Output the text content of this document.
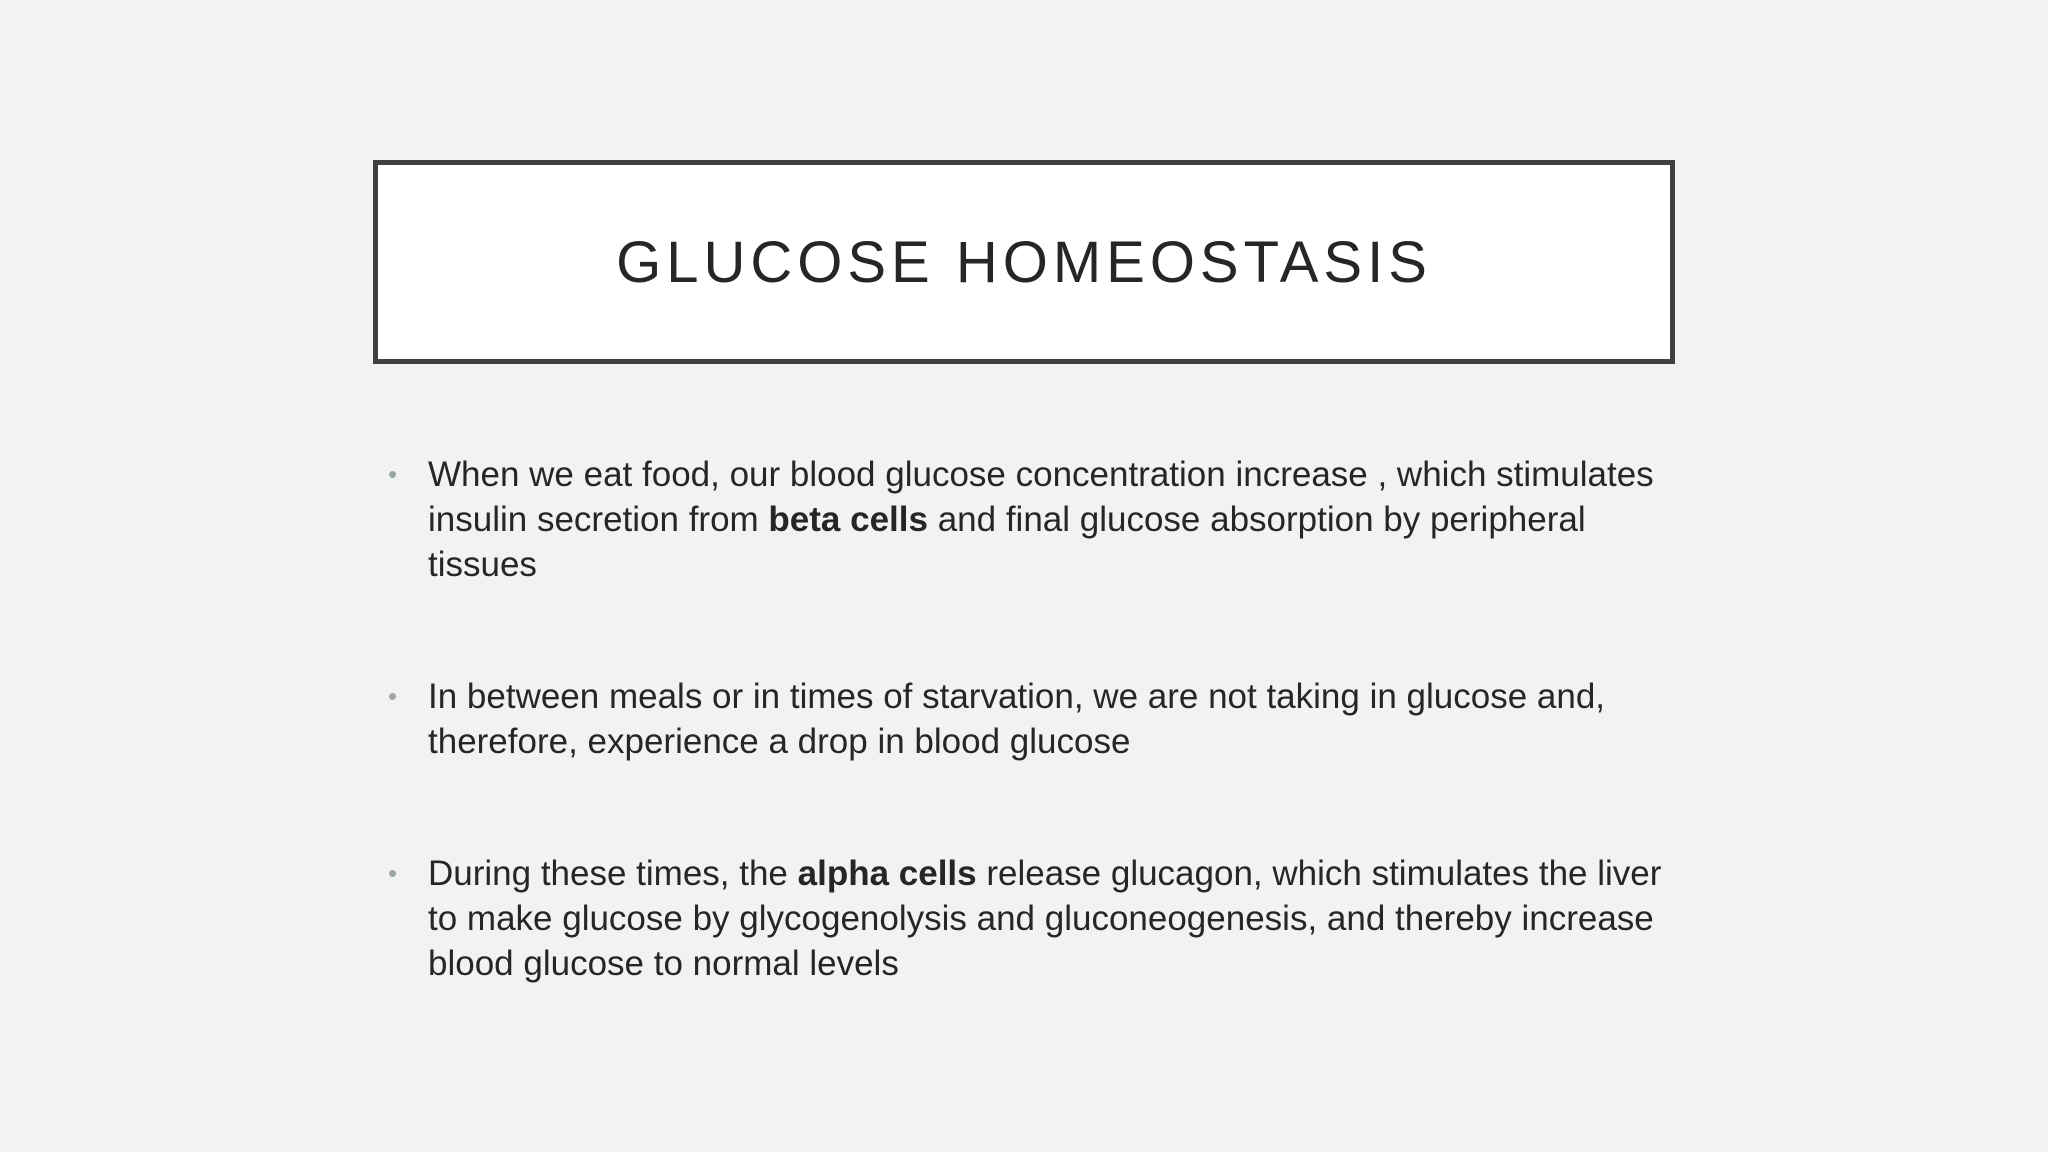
GLUCOSE HOMEOSTASIS
• When we eat food, our blood glucose concentration increase , which stimulates insulin secretion from beta cells and final glucose absorption by peripheral tissues
• In between meals or in times of starvation, we are not taking in glucose and, therefore, experience a drop in blood glucose
• During these times, the alpha cells release glucagon, which stimulates the liver to make glucose by glycogenolysis and gluconeogenesis, and thereby increase blood glucose to normal levels
